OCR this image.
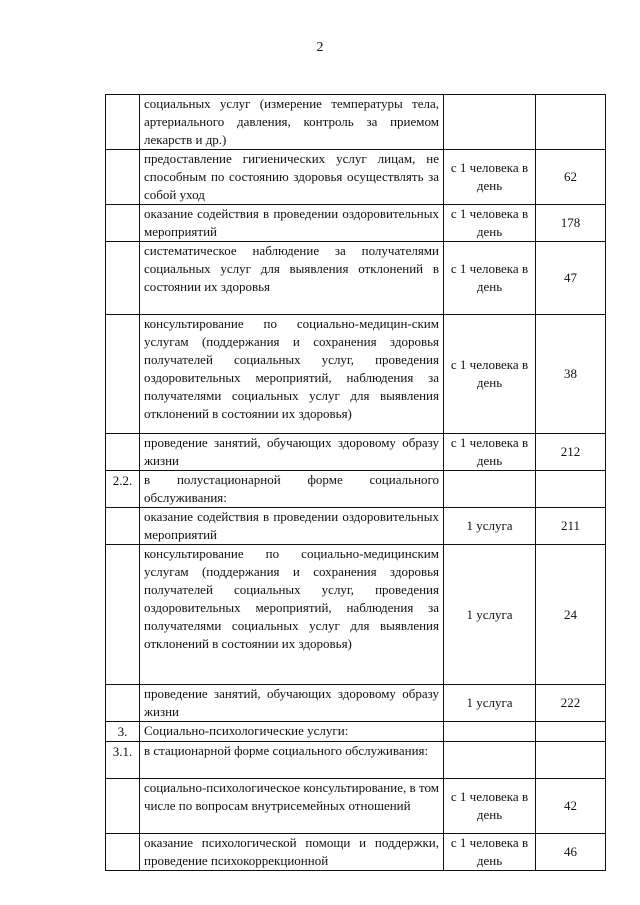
2
	социальных услуг (измерение температуры тела, артериального давления, контроль за приемом лекарств и др.)		
	предоставление гигиенических услуг лицам, не способным по состоянию здоровья осуществлять за собой уход	с 1 человека в день	62
	оказание содействия в проведении оздоровительных мероприятий	с 1 человека в день	178
	систематическое наблюдение за получателями социальных услуг для выявления отклонений в состоянии их здоровья	с 1 человека в день	47
	консультирование по социально-медицин-ским услугам (поддержания и сохранения здоровья получателей социальных услуг, проведения оздоровительных мероприятий, наблюдения за получателями социальных услуг для выявления отклонений в состоянии их здоровья)	с 1 человека в день	38
	проведение занятий, обучающих здоровому образу жизни	с 1 человека в день	212
2.2.	в полустационарной форме социального обслуживания:		
	оказание содействия в проведении оздоровительных мероприятий	1 услуга	211
	консультирование по социально-медицинским услугам (поддержания и сохранения здоровья получателей социальных услуг, проведения оздоровительных мероприятий, наблюдения за получателями социальных услуг для выявления отклонений в состоянии их здоровья)	1 услуга	24
	проведение занятий, обучающих здоровому образу жизни	1 услуга	222
3.	Социально-психологические услуги:		
3.1.	в стационарной форме социального обслуживания:		
	социально-психологическое консультирование, в том числе по вопросам внутрисемейных отношений	с 1 человека в день	42
	оказание психологической помощи и поддержки, проведение психокоррекционной	с 1 человека в день	46
